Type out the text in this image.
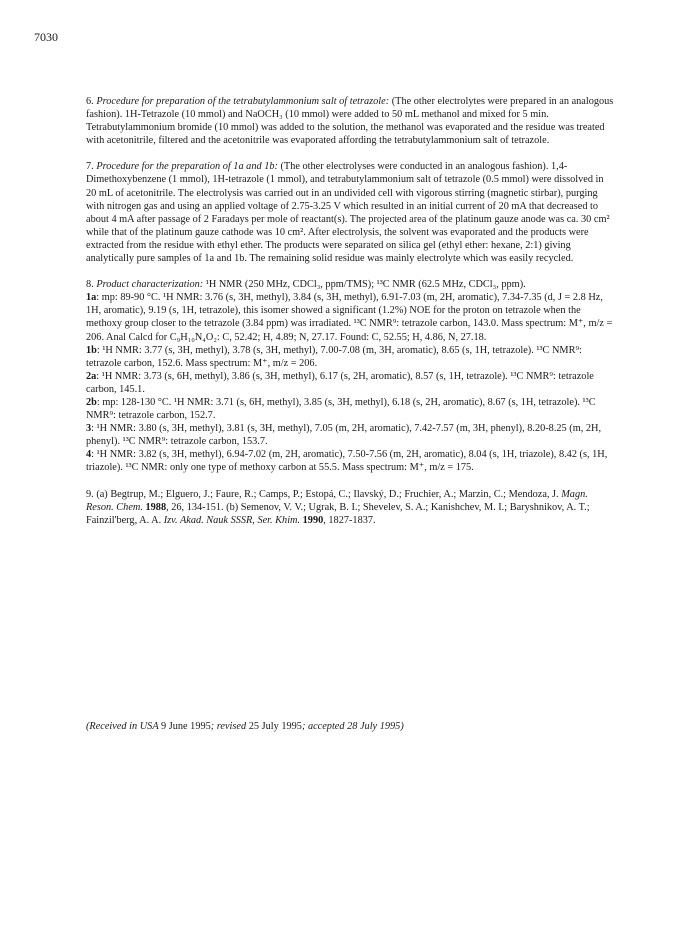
7030

6. Procedure for preparation of the tetrabutylammonium salt of tetrazole: (The other electrolytes were prepared in an analogous fashion). 1H-Tetrazole (10 mmol) and NaOCH₃ (10 mmol) were added to 50 mL methanol and mixed for 5 min. Tetrabutylammonium bromide (10 mmol) was added to the solution, the methanol was evaporated and the residue was treated with acetonitrile, filtered and the acetonitrile was evaporated affording the tetrabutylammonium salt of tetrazole.

7. Procedure for the preparation of 1a and 1b: (The other electrolyses were conducted in an analogous fashion). 1,4-Dimethoxybenzene (1 mmol), 1H-tetrazole (1 mmol), and tetrabutylammonium salt of tetrazole (0.5 mmol) were dissolved in 20 mL of acetonitrile. The electrolysis was carried out in an undivided cell with vigorous stirring (magnetic stirbar), purging with nitrogen gas and using an applied voltage of 2.75-3.25 V which resulted in an initial current of 20 mA that decreased to about 4 mA after passage of 2 Faradays per mole of reactant(s). The projected area of the platinum gauze anode was ca. 30 cm² while that of the platinum gauze cathode was 10 cm². After electrolysis, the solvent was evaporated and the products were extracted from the residue with ethyl ether. The products were separated on silica gel (ethyl ether: hexane, 2:1) giving analytically pure samples of 1a and 1b. The remaining solid residue was mainly electrolyte which was easily recycled.

8. Product characterization: ¹H NMR (250 MHz, CDCl₃, ppm/TMS); ¹³C NMR (62.5 MHz, CDCl₃, ppm).

1a: mp: 89-90 °C. ¹H NMR: 3.76 (s, 3H, methyl), 3.84 (s, 3H, methyl), 6.91-7.03 (m, 2H, aromatic), 7.34-7.35 (d, J = 2.8 Hz, 1H, aromatic), 9.19 (s, 1H, tetrazole), this isomer showed a significant (1.2%) NOE for the proton on tetrazole when the methoxy group closer to the tetrazole (3.84 ppm) was irradiated. ¹³C NMR⁹: tetrazole carbon, 143.0. Mass spectrum: M⁺, m/z = 206. Anal Calcd for C₉H₁₀N₄O₂: C, 52.42; H, 4.89; N, 27.17. Found: C, 52.55; H, 4.86, N, 27.18.

1b: ¹H NMR: 3.77 (s, 3H, methyl), 3.78 (s, 3H, methyl), 7.00-7.08 (m, 3H, aromatic), 8.65 (s, 1H, tetrazole). ¹³C NMR⁹: tetrazole carbon, 152.6. Mass spectrum: M⁺, m/z = 206.

2a: ¹H NMR: 3.73 (s, 6H, methyl), 3.86 (s, 3H, methyl), 6.17 (s, 2H, aromatic), 8.57 (s, 1H, tetrazole). ¹³C NMR⁹: tetrazole carbon, 145.1.

2b: mp: 128-130 °C. ¹H NMR: 3.71 (s, 6H, methyl), 3.85 (s, 3H, methyl), 6.18 (s, 2H, aromatic), 8.67 (s, 1H, tetrazole). ¹³C NMR⁹: tetrazole carbon, 152.7.

3: ¹H NMR: 3.80 (s, 3H, methyl), 3.81 (s, 3H, methyl), 7.05 (m, 2H, aromatic), 7.42-7.57 (m, 3H, phenyl), 8.20-8.25 (m, 2H, phenyl). ¹³C NMR⁹: tetrazole carbon, 153.7.

4: ¹H NMR: 3.82 (s, 3H, methyl), 6.94-7.02 (m, 2H, aromatic), 7.50-7.56 (m, 2H, aromatic), 8.04 (s, 1H, triazole), 8.42 (s, 1H, triazole). ¹³C NMR: only one type of methoxy carbon at 55.5. Mass spectrum: M⁺, m/z = 175.

9. (a) Begtrup, M.; Elguero, J.; Faure, R.; Camps, P.; Estopá, C.; Ilavský, D.; Fruchier, A.; Marzin, C.; Mendoza, J. Magn. Reson. Chem. 1988, 26, 134-151. (b) Semenov, V. V.; Ugrak, B. I.; Shevelev, S. A.; Kanishchev, M. I.; Baryshnikov, A. T.; Fainzil'berg, A. A. Izv. Akad. Nauk SSSR, Ser. Khim. 1990, 1827-1837.

(Received in USA 9 June 1995; revised 25 July 1995; accepted 28 July 1995)
